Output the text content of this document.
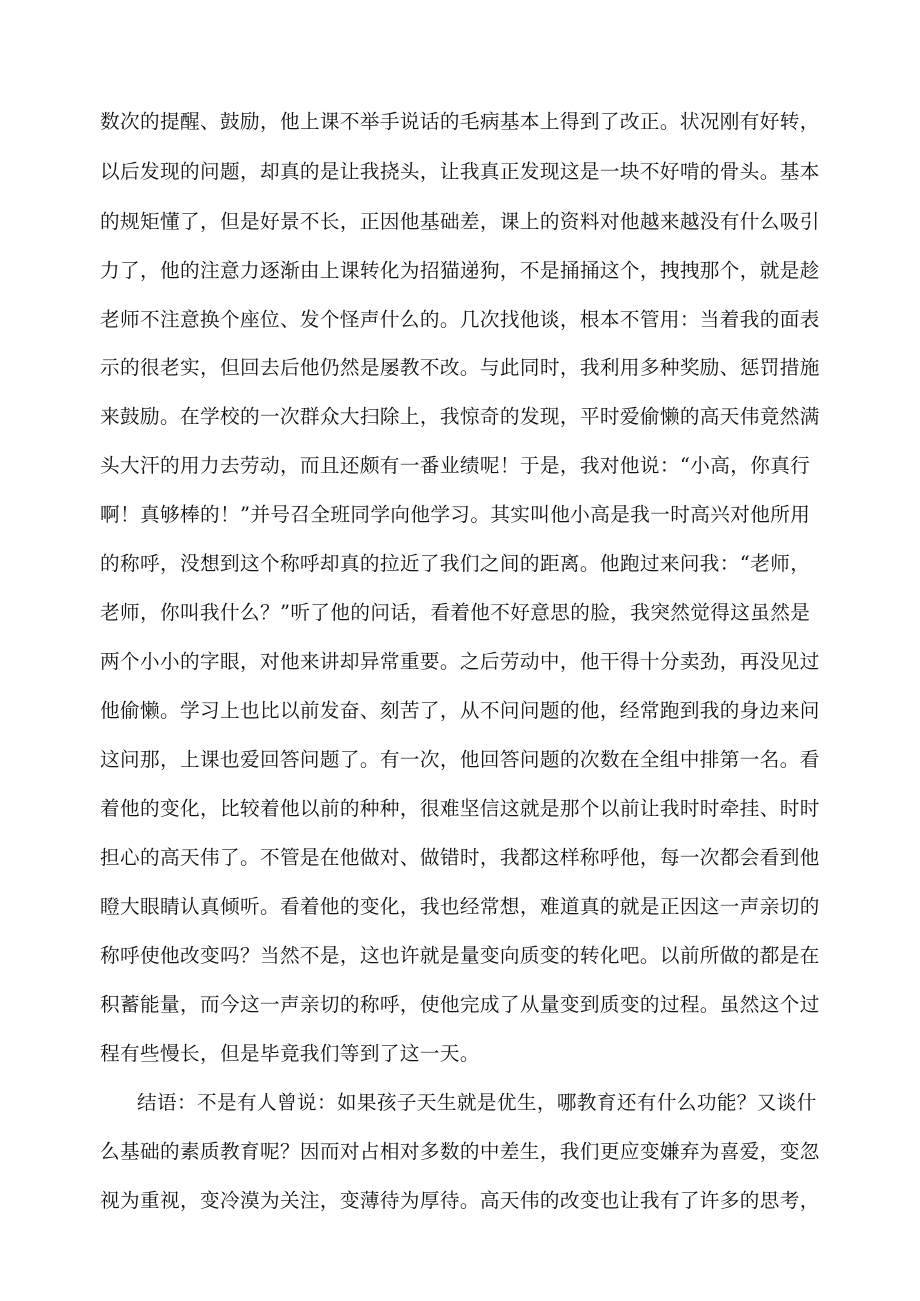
数次的提醒、鼓励，他上课不举手说话的毛病基本上得到了改正。状况刚有好转，
以后发现的问题，却真的是让我挠头，让我真正发现这是一块不好啃的骨头。基本
的规矩懂了，但是好景不长，正因他基础差，课上的资料对他越来越没有什么吸引
力了，他的注意力逐渐由上课转化为招猫递狗，不是捅捅这个，拽拽那个，就是趁
老师不注意换个座位、发个怪声什么的。几次找他谈，根本不管用：当着我的面表
示的很老实，但回去后他仍然是屡教不改。与此同时，我利用多种奖励、惩罚措施
来鼓励。在学校的一次群众大扫除上，我惊奇的发现，平时爱偷懒的高天伟竟然满
头大汗的用力去劳动，而且还颇有一番业绩呢！于是，我对他说：“小高，你真行
啊！真够棒的！”并号召全班同学向他学习。其实叫他小高是我一时高兴对他所用
的称呼，没想到这个称呼却真的拉近了我们之间的距离。他跑过来问我：“老师，
老师，你叫我什么？”听了他的问话，看着他不好意思的脸，我突然觉得这虽然是
两个小小的字眼，对他来讲却异常重要。之后劳动中，他干得十分卖劲，再没见过
他偷懒。学习上也比以前发奋、刻苦了，从不问问题的他，经常跑到我的身边来问
这问那，上课也爱回答问题了。有一次，他回答问题的次数在全组中排第一名。看
着他的变化，比较着他以前的种种，很难坚信这就是那个以前让我时时牵挂、时时
担心的高天伟了。不管是在他做对、做错时，我都这样称呼他，每一次都会看到他
瞪大眼睛认真倾听。看着他的变化，我也经常想，难道真的就是正因这一声亲切的
称呼使他改变吗？当然不是，这也许就是量变向质变的转化吧。以前所做的都是在
积蓄能量，而今这一声亲切的称呼，使他完成了从量变到质变的过程。虽然这个过
程有些慢长，但是毕竟我们等到了这一天。
结语：不是有人曾说：如果孩子天生就是优生，哪教育还有什么功能？又谈什
么基础的素质教育呢？因而对占相对多数的中差生，我们更应变嫌弃为喜爱，变忽
视为重视，变冷漠为关注，变薄待为厚待。高天伟的改变也让我有了许多的思考，
